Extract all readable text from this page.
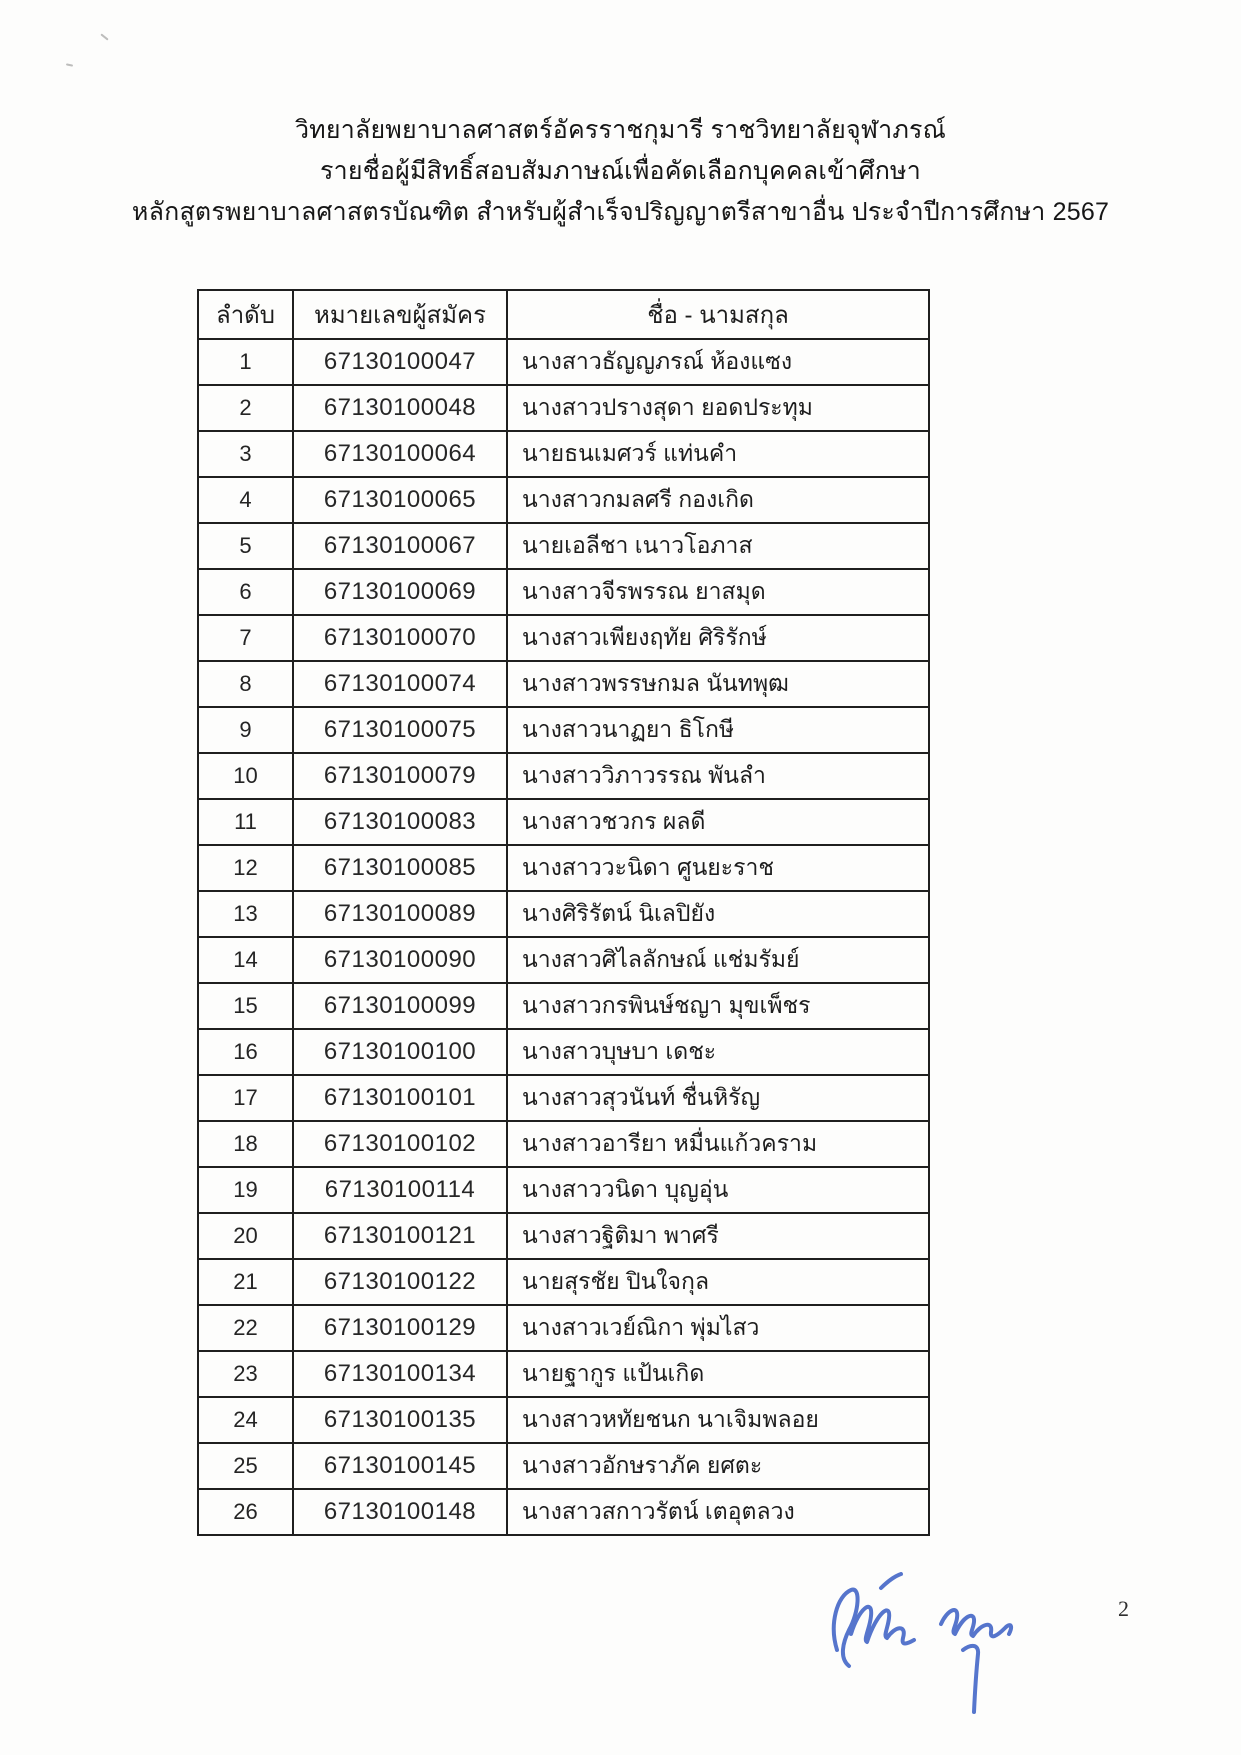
วิทยาลัยพยาบาลศาสตร์อัครราชกุมารี ราชวิทยาลัยจุฬาภรณ์
รายชื่อผู้มีสิทธิ์สอบสัมภาษณ์เพื่อคัดเลือกบุคคลเข้าศึกษา
หลักสูตรพยาบาลศาสตรบัณฑิต สำหรับผู้สำเร็จปริญญาตรีสาขาอื่น ประจำปีการศึกษา 2567
ลำดับ	หมายเลขผู้สมัคร	ชื่อ - นามสกุล
1	67130100047	นางสาวธัญญภรณ์ ห้องแซง
2	67130100048	นางสาวปรางสุดา ยอดประทุม
3	67130100064	นายธนเมศวร์ แท่นคำ
4	67130100065	นางสาวกมลศรี กองเกิด
5	67130100067	นายเอลีชา เนาวโอภาส
6	67130100069	นางสาวจีรพรรณ ยาสมุด
7	67130100070	นางสาวเพียงฤทัย ศิริรักษ์
8	67130100074	นางสาวพรรษกมล นันทพุฒ
9	67130100075	นางสาวนาฏยา ธิโกษี
10	67130100079	นางสาววิภาวรรณ พันลำ
11	67130100083	นางสาวชวกร ผลดี
12	67130100085	นางสาววะนิดา ศูนยะราช
13	67130100089	นางศิริรัตน์ นิเลปิยัง
14	67130100090	นางสาวศิไลลักษณ์ แช่มรัมย์
15	67130100099	นางสาวกรพินษ์ชญา มุขเพ็ชร
16	67130100100	นางสาวบุษบา เดชะ
17	67130100101	นางสาวสุวนันท์ ชื่นหิรัญ
18	67130100102	นางสาวอารียา หมื่นแก้วคราม
19	67130100114	นางสาววนิดา บุญอุ่น
20	67130100121	นางสาวฐิติมา พาศรี
21	67130100122	นายสุรชัย ปินใจกุล
22	67130100129	นางสาวเวย์ณิกา พุ่มไสว
23	67130100134	นายฐากูร แป้นเกิด
24	67130100135	นางสาวหทัยชนก นาเจิมพลอย
25	67130100145	นางสาวอักษราภัค ยศตะ
26	67130100148	นางสาวสกาวรัตน์ เตอุตลวง
2
